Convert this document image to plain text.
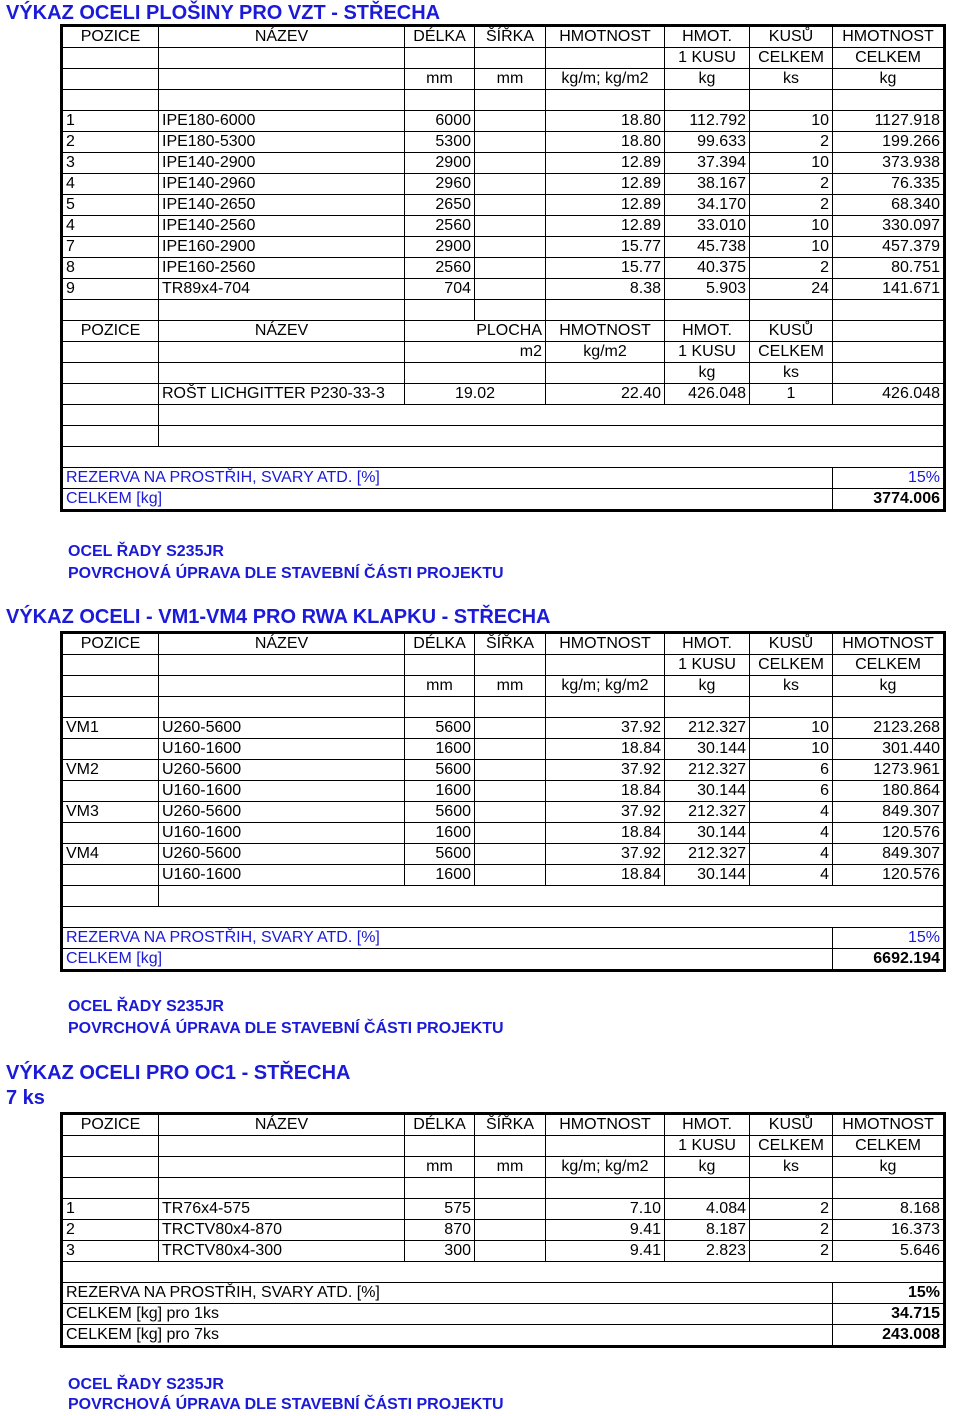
VÝKAZ OCELI PLOŠINY PRO VZT - STŘECHA
POZICE	NÁZEV	DÉLKA	ŠÍŘKA	HMOTNOST	HMOT.	KUSŮ	HMOTNOST
					1 KUSU	CELKEM	CELKEM
		mm	mm	kg/m; kg/m2	kg	ks	kg

1	IPE180-6000	6000		18.80	112.792	10	1127.918
2	IPE180-5300	5300		18.80	99.633	2	199.266
3	IPE140-2900	2900		12.89	37.394	10	373.938
4	IPE140-2960	2960		12.89	38.167	2	76.335
5	IPE140-2650	2650		12.89	34.170	2	68.340
4	IPE140-2560	2560		12.89	33.010	10	330.097
7	IPE160-2900	2900		15.77	45.738	10	457.379
8	IPE160-2560	2560		15.77	40.375	2	80.751
9	TR89x4-704	704		8.38	5.903	24	141.671

POZICE	NÁZEV	PLOCHA		HMOTNOST	HMOT.	KUSŮ	
		m2		kg/m2	1 KUSU	CELKEM	
					kg	ks	
	ROŠT LICHGITTER P230-33-3	19.02		22.40	426.048	1	426.048

REZERVA NA PROSTŘIH, SVARY ATD. [%]							15%
CELKEM [kg]							3774.006
OCEL ŘADY S235JR
POVRCHOVÁ ÚPRAVA DLE STAVEBNÍ ČÁSTI PROJEKTU
VÝKAZ OCELI - VM1-VM4 PRO RWA KLAPKU - STŘECHA
POZICE	NÁZEV	DÉLKA	ŠÍŘKA	HMOTNOST	HMOT.	KUSŮ	HMOTNOST
					1 KUSU	CELKEM	CELKEM
		mm	mm	kg/m; kg/m2	kg	ks	kg

VM1	U260-5600	5600		37.92	212.327	10	2123.268
	U160-1600	1600		18.84	30.144	10	301.440
VM2	U260-5600	5600		37.92	212.327	6	1273.961
	U160-1600	1600		18.84	30.144	6	180.864
VM3	U260-5600	5600		37.92	212.327	4	849.307
	U160-1600	1600		18.84	30.144	4	120.576
VM4	U260-5600	5600		37.92	212.327	4	849.307
	U160-1600	1600		18.84	30.144	4	120.576

REZERVA NA PROSTŘIH, SVARY ATD. [%]							15%
CELKEM [kg]							6692.194
OCEL ŘADY S235JR
POVRCHOVÁ ÚPRAVA DLE STAVEBNÍ ČÁSTI PROJEKTU
VÝKAZ OCELI PRO OC1 - STŘECHA
7 ks
POZICE	NÁZEV	DÉLKA	ŠÍŘKA	HMOTNOST	HMOT.	KUSŮ	HMOTNOST
					1 KUSU	CELKEM	CELKEM
		mm	mm	kg/m; kg/m2	kg	ks	kg

1	TR76x4-575	575		7.10	4.084	2	8.168
2	TRCTV80x4-870	870		9.41	8.187	2	16.373
3	TRCTV80x4-300	300		9.41	2.823	2	5.646

REZERVA NA PROSTŘIH, SVARY ATD. [%]							15%
CELKEM [kg] pro 1ks							34.715
CELKEM [kg] pro 7ks							243.008
OCEL ŘADY S235JR
POVRCHOVÁ ÚPRAVA DLE STAVEBNÍ ČÁSTI PROJEKTU
